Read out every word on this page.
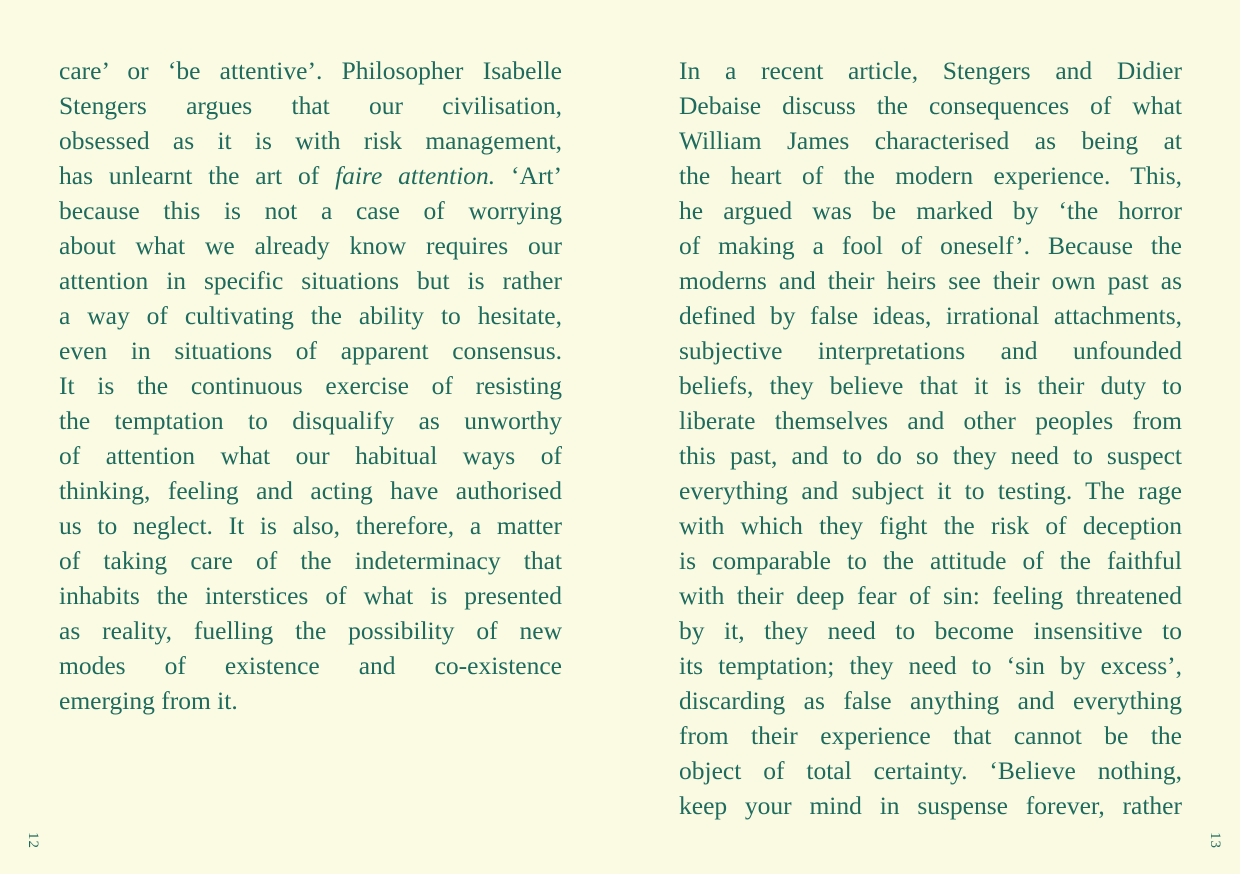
care’ or ‘be attentive’. Philosopher Isabelle
Stengers argues that our civilisation,
obsessed as it is with risk management,
has unlearnt the art of faire attention. ‘Art’
because this is not a case of worrying
about what we already know requires our
attention in specific situations but is rather
a way of cultivating the ability to hesitate,
even in situations of apparent consensus.
It is the continuous exercise of resisting
the temptation to disqualify as unworthy
of attention what our habitual ways of
thinking, feeling and acting have authorised
us to neglect. It is also, therefore, a matter
of taking care of the indeterminacy that
inhabits the interstices of what is presented
as reality, fuelling the possibility of new
modes of existence and co-existence
emerging from it.
12
In a recent article, Stengers and Didier
Debaise discuss the consequences of what
William James characterised as being at
the heart of the modern experience. This,
he argued was be marked by ‘the horror
of making a fool of oneself’. Because the
moderns and their heirs see their own past as
defined by false ideas, irrational attachments,
subjective interpretations and unfounded
beliefs, they believe that it is their duty to
liberate themselves and other peoples from
this past, and to do so they need to suspect
everything and subject it to testing. The rage
with which they fight the risk of deception
is comparable to the attitude of the faithful
with their deep fear of sin: feeling threatened
by it, they need to become insensitive to
its temptation; they need to ‘sin by excess’,
discarding as false anything and everything
from their experience that cannot be the
object of total certainty. ‘Believe nothing,
keep your mind in suspense forever, rather
13
